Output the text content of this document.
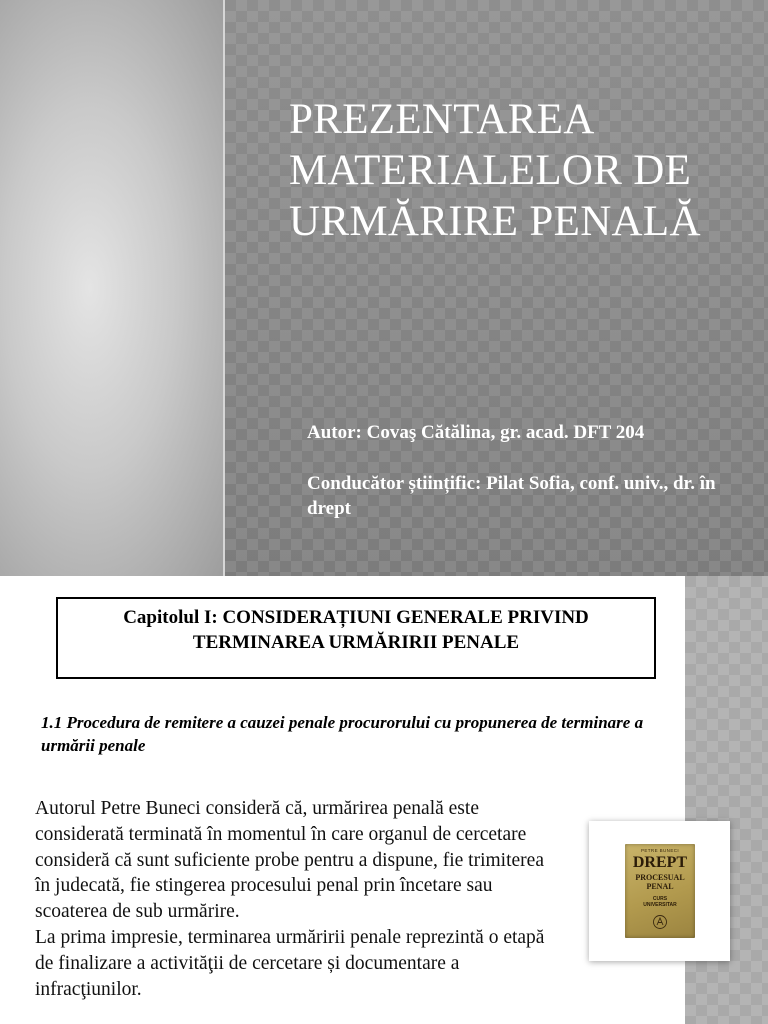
PREZENTAREA
MATERIALELOR DE
URMĂRIRE PENALĂ

Autor: Covaş Cătălina, gr. acad. DFT 204

Conducător științific: Pilat Sofia, conf. univ., dr. în drept

Capitolul I: CONSIDERAȚIUNI GENERALE PRIVIND TERMINAREA URMĂRIRII PENALE

1.1 Procedura de remitere a cauzei penale procurorului cu propunerea de terminare a urmării penale

Autorul Petre Buneci consideră că, urmărirea penală este considerată terminată în momentul în care organul de cercetare consideră că sunt suficiente probe pentru a dispune, fie trimiterea în judecată, fie stingerea procesului penal prin încetare sau scoaterea de sub urmărire.

La prima impresie, terminarea urmăririi penale reprezintă o etapă de finalizare a activităţii de cercetare și documentare a infracţiunilor.

PETRE BUNECI
DREPT
PROCESUAL
PENAL
CURS
UNIVERSITAR
